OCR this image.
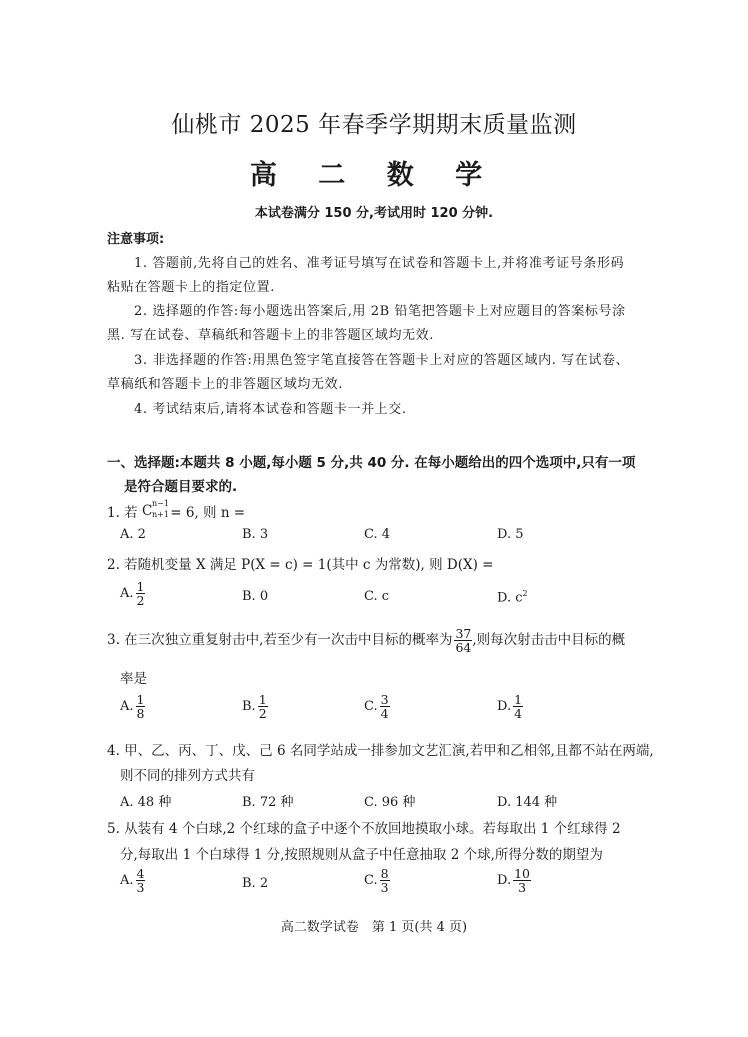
仙桃市 2025 年春季学期期末质量监测
高 二 数 学
本试卷满分 150 分,考试用时 120 分钟.
注意事项:
1. 答题前,先将自己的姓名、准考证号填写在试卷和答题卡上,并将准考证号条形码
粘贴在答题卡上的指定位置.
2. 选择题的作答:每小题选出答案后,用 2B 铅笔把答题卡上对应题目的答案标号涂
黑. 写在试卷、草稿纸和答题卡上的非答题区域均无效.
3. 非选择题的作答:用黑色签字笔直接答在答题卡上对应的答题区域内. 写在试卷、
草稿纸和答题卡上的非答题区域均无效.
4. 考试结束后,请将本试卷和答题卡一并上交.
一、选择题:本题共 8 小题,每小题 5 分,共 40 分. 在每小题给出的四个选项中,只有一项
是符合题目要求的.
1. 若 C n−1
n+1
= 6, 则 n =
A. 2	B. 3	C. 4	D. 5
2. 若随机变量 X 满足 P(X = c) = 1(其中 c 为常数), 则 D(X) =
A. $\frac{1}{2}$	B. 0	C. c	D. $c^2$
3. 在三次独立重复射击中,若至少有一次击中目标的概率为 $\frac{37}{64}$ ,则每次射击击中目标的概
率是
A. $\frac{1}{8}$	B. $\frac{1}{2}$	C. $\frac{3}{4}$	D. $\frac{1}{4}$
4. 甲、乙、丙、丁、戊、己 6 名同学站成一排参加文艺汇演,若甲和乙相邻,且都不站在两端,
则不同的排列方式共有
A. 48 种	B. 72 种	C. 96 种	D. 144 种
5. 从装有 4 个白球,2 个红球的盒子中逐个不放回地摸取小球。若每取出 1 个红球得 2
分,每取出 1 个白球得 1 分,按照规则从盒子中任意抽取 2 个球,所得分数的期望为
A. $\frac{4}{3}$	B. 2	C. $\frac{8}{3}$	D. $\frac{10}{3}$
高二数学试卷　第 1 页(共 4 页)
